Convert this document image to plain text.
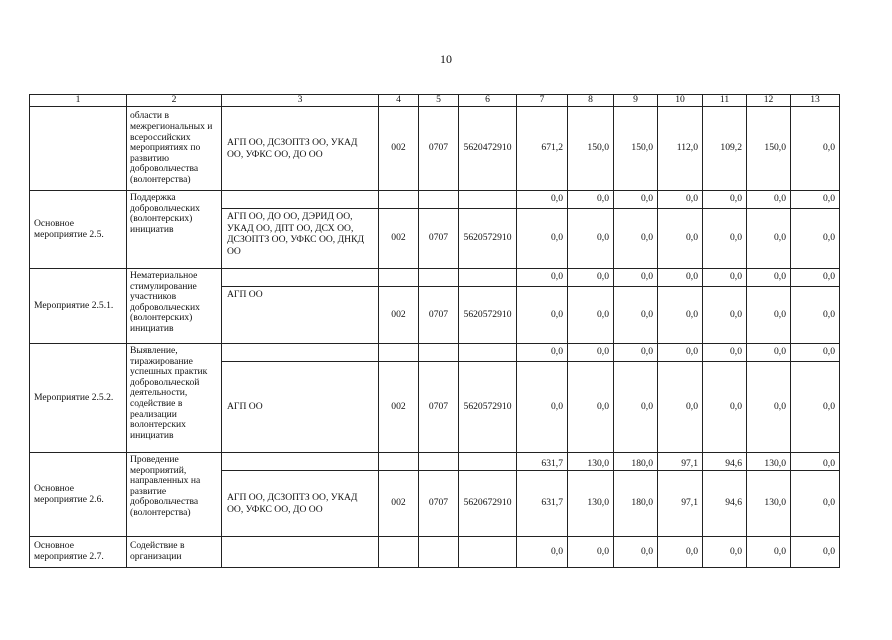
10
1	2	3	4	5	6	7	8	9	10	11	12	13
	области в межрегиональных и всероссийских мероприятиях по развитию добровольчества (волонтерства)	АГП ОО, ДСЗОПТЗ ОО, УКАД ОО, УФКС ОО, ДО ОО	002	0707	5620472910	671,2	150,0	150,0	112,0	109,2	150,0	0,0
Основное мероприятие 2.5.	Поддержка добровольческих (волонтерских) инициатив					0,0	0,0	0,0	0,0	0,0	0,0	0,0
		АГП ОО, ДО ОО, ДЭРИД ОО, УКАД ОО, ДПТ ОО, ДСХ ОО, ДСЗОПТЗ ОО, УФКС ОО, ДНКД ОО	002	0707	5620572910	0,0	0,0	0,0	0,0	0,0	0,0	0,0
Мероприятие 2.5.1.	Нематериальное стимулирование участников добровольческих (волонтерских) инициатив					0,0	0,0	0,0	0,0	0,0	0,0	0,0
		АГП ОО	002	0707	5620572910	0,0	0,0	0,0	0,0	0,0	0,0	0,0
Мероприятие 2.5.2.	Выявление, тиражирование успешных практик добровольческой деятельности, содействие в реализации волонтерских инициатив					0,0	0,0	0,0	0,0	0,0	0,0	0,0
		АГП ОО	002	0707	5620572910	0,0	0,0	0,0	0,0	0,0	0,0	0,0
Основное мероприятие 2.6.	Проведение мероприятий, направленных на развитие добровольчества (волонтерства)					631,7	130,0	180,0	97,1	94,6	130,0	0,0
		АГП ОО, ДСЗОПТЗ ОО, УКАД ОО, УФКС ОО, ДО ОО	002	0707	5620672910	631,7	130,0	180,0	97,1	94,6	130,0	0,0
Основное мероприятие 2.7.	Содействие в организации					0,0	0,0	0,0	0,0	0,0	0,0	0,0
